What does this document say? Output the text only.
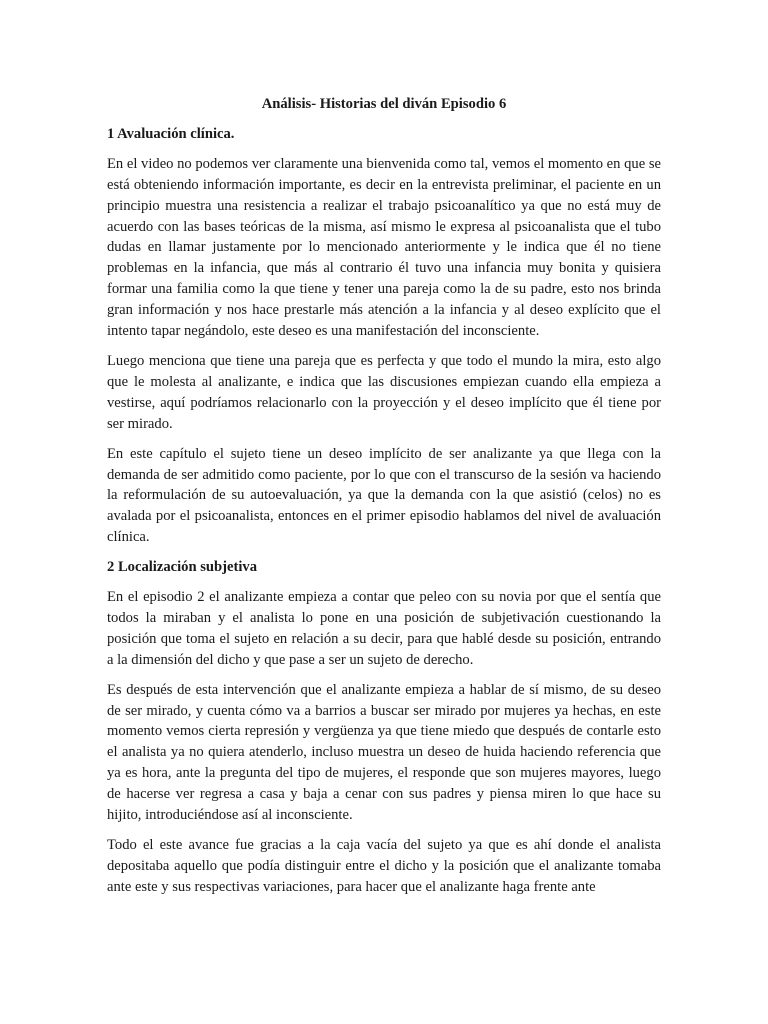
Análisis- Historias del diván Episodio 6
1 Avaluación clínica.

En el video no podemos ver claramente una bienvenida como tal, vemos el momento en que se está obteniendo información importante, es decir en la entrevista preliminar, el paciente en un principio muestra una resistencia a realizar el trabajo psicoanalítico ya que no está muy de acuerdo con las bases teóricas de la misma, así mismo le expresa al psicoanalista que el tubo dudas en llamar justamente por lo mencionado anteriormente y le indica que él no tiene problemas en la infancia, que más al contrario él tuvo una infancia muy bonita y quisiera formar una familia como la que tiene y tener una pareja como la de su padre, esto nos brinda gran información y nos hace prestarle más atención a la infancia y al deseo explícito que el intento tapar negándolo, este deseo es una manifestación del inconsciente.

Luego menciona que tiene una pareja que es perfecta y que todo el mundo la mira, esto algo que le molesta al analizante, e indica que las discusiones empiezan cuando ella empieza a vestirse, aquí podríamos relacionarlo con la proyección y el deseo implícito que él tiene por ser mirado.

En este capítulo el sujeto tiene un deseo implícito de ser analizante ya que llega con la demanda de ser admitido como paciente, por lo que con el transcurso de la sesión va haciendo la reformulación de su autoevaluación, ya que la demanda con la que asistió (celos) no es avalada por el psicoanalista, entonces en el primer episodio hablamos del nivel de avaluación clínica.

2 Localización subjetiva

En el episodio 2 el analizante empieza a contar que peleo con su novia por que el sentía que todos la miraban y el analista lo pone en una posición de subjetivación cuestionando la posición que toma el sujeto en relación a su decir, para que hablé desde su posición, entrando a la dimensión del dicho y que pase a ser un sujeto de derecho.

Es después de esta intervención que el analizante empieza a hablar de sí mismo, de su deseo de ser mirado, y cuenta cómo va a barrios a buscar ser mirado por mujeres ya hechas, en este momento vemos cierta represión y vergüenza ya que tiene miedo que después de contarle esto el analista ya no quiera atenderlo, incluso muestra un deseo de huida haciendo referencia que ya es hora, ante la pregunta del tipo de mujeres, el responde que son mujeres mayores, luego de hacerse ver regresa a casa y baja a cenar con sus padres y piensa miren lo que hace su hijito, introduciéndose así al inconsciente.

Todo el este avance fue gracias a la caja vacía del sujeto ya que es ahí donde el analista depositaba aquello que podía distinguir entre el dicho y la posición que el analizante tomaba ante este y sus respectivas variaciones, para hacer que el analizante haga frente ante
